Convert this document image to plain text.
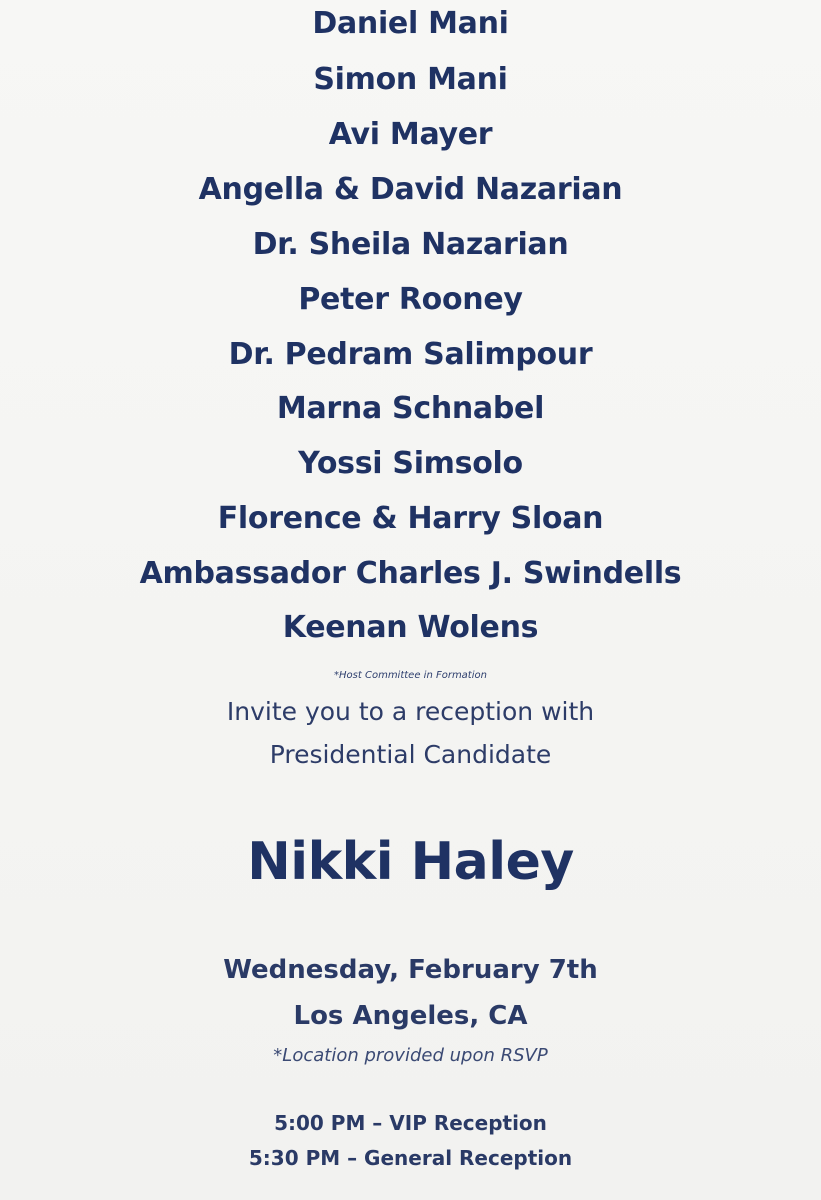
Daniel Mani
Simon Mani
Avi Mayer
Angella & David Nazarian
Dr. Sheila Nazarian
Peter Rooney
Dr. Pedram Salimpour
Marna Schnabel
Yossi Simsolo
Florence & Harry Sloan
Ambassador Charles J. Swindells
Keenan Wolens
*Host Committee in Formation
Invite you to a reception with
Presidential Candidate
Nikki Haley
Wednesday, February 7th
Los Angeles, CA
*Location provided upon RSVP
5:00 PM – VIP Reception
5:30 PM – General Reception
